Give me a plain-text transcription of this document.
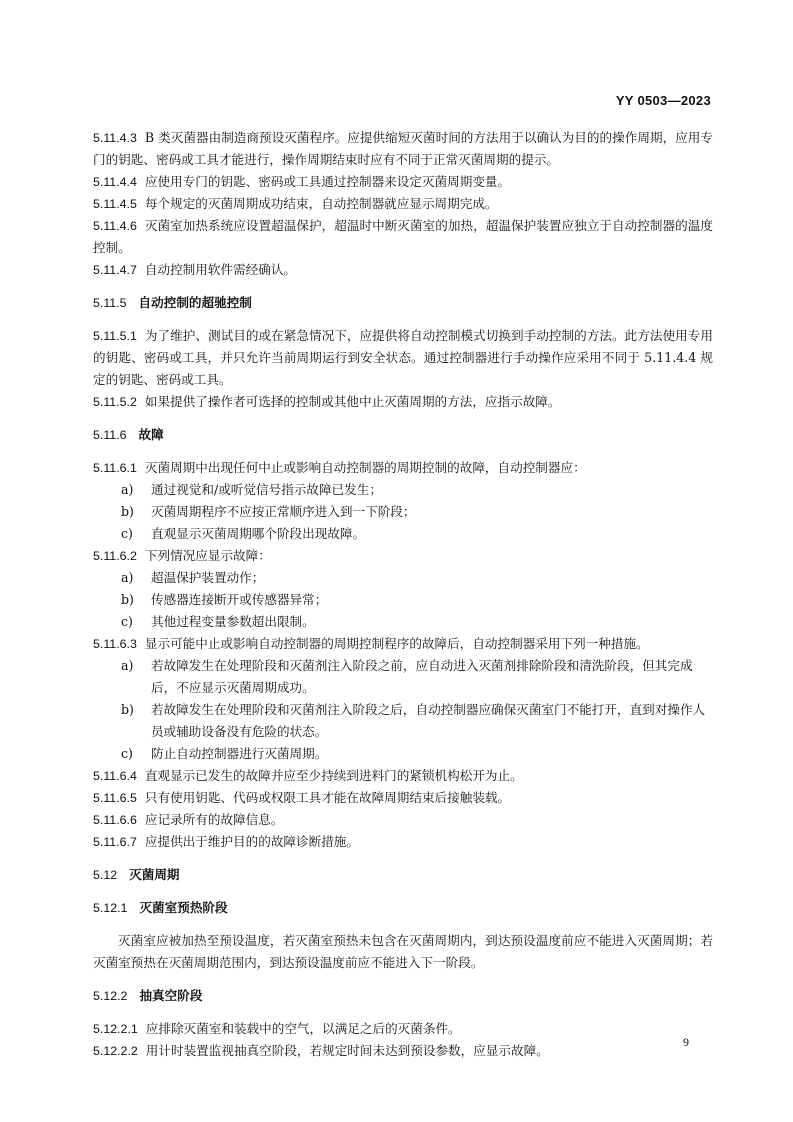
YY 0503—2023

5.11.4.3 B 类灭菌器由制造商预设灭菌程序。应提供缩短灭菌时间的方法用于以确认为目的的操作周期，应用专门的钥匙、密码或工具才能进行，操作周期结束时应有不同于正常灭菌周期的提示。

5.11.4.4 应使用专门的钥匙、密码或工具通过控制器来设定灭菌周期变量。

5.11.4.5 每个规定的灭菌周期成功结束，自动控制器就应显示周期完成。

5.11.4.6 灭菌室加热系统应设置超温保护，超温时中断灭菌室的加热，超温保护装置应独立于自动控制器的温度控制。

5.11.4.7 自动控制用软件需经确认。

5.11.5 自动控制的超驰控制

5.11.5.1 为了维护、测试目的或在紧急情况下，应提供将自动控制模式切换到手动控制的方法。此方法使用专用的钥匙、密码或工具，并只允许当前周期运行到安全状态。通过控制器进行手动操作应采用不同于 5.11.4.4 规定的钥匙、密码或工具。

5.11.5.2 如果提供了操作者可选择的控制或其他中止灭菌周期的方法，应指示故障。

5.11.6 故障

5.11.6.1 灭菌周期中出现任何中止或影响自动控制器的周期控制的故障，自动控制器应：

a) 通过视觉和/或听觉信号指示故障已发生；

b) 灭菌周期程序不应按正常顺序进入到一下阶段；

c) 直观显示灭菌周期哪个阶段出现故障。

5.11.6.2 下列情况应显示故障：

a) 超温保护装置动作；

b) 传感器连接断开或传感器异常；

c) 其他过程变量参数超出限制。

5.11.6.3 显示可能中止或影响自动控制器的周期控制程序的故障后，自动控制器采用下列一种措施。

a) 若故障发生在处理阶段和灭菌剂注入阶段之前，应自动进入灭菌剂排除阶段和清洗阶段，但其完成后，不应显示灭菌周期成功。

b) 若故障发生在处理阶段和灭菌剂注入阶段之后，自动控制器应确保灭菌室门不能打开，直到对操作人员或辅助设备没有危险的状态。

c) 防止自动控制器进行灭菌周期。

5.11.6.4 直观显示已发生的故障并应至少持续到进料门的紧锁机构松开为止。

5.11.6.5 只有使用钥匙、代码或权限工具才能在故障周期结束后接触装载。

5.11.6.6 应记录所有的故障信息。

5.11.6.7 应提供出于维护目的的故障诊断措施。

5.12 灭菌周期
5.12.1 灭菌室预热阶段

灭菌室应被加热至预设温度，若灭菌室预热未包含在灭菌周期内，到达预设温度前应不能进入灭菌周期；若灭菌室预热在灭菌周期范围内，到达预设温度前应不能进入下一阶段。

5.12.2 抽真空阶段

5.12.2.1 应排除灭菌室和装载中的空气，以满足之后的灭菌条件。

5.12.2.2 用计时装置监视抽真空阶段，若规定时间未达到预设参数，应显示故障。

9
